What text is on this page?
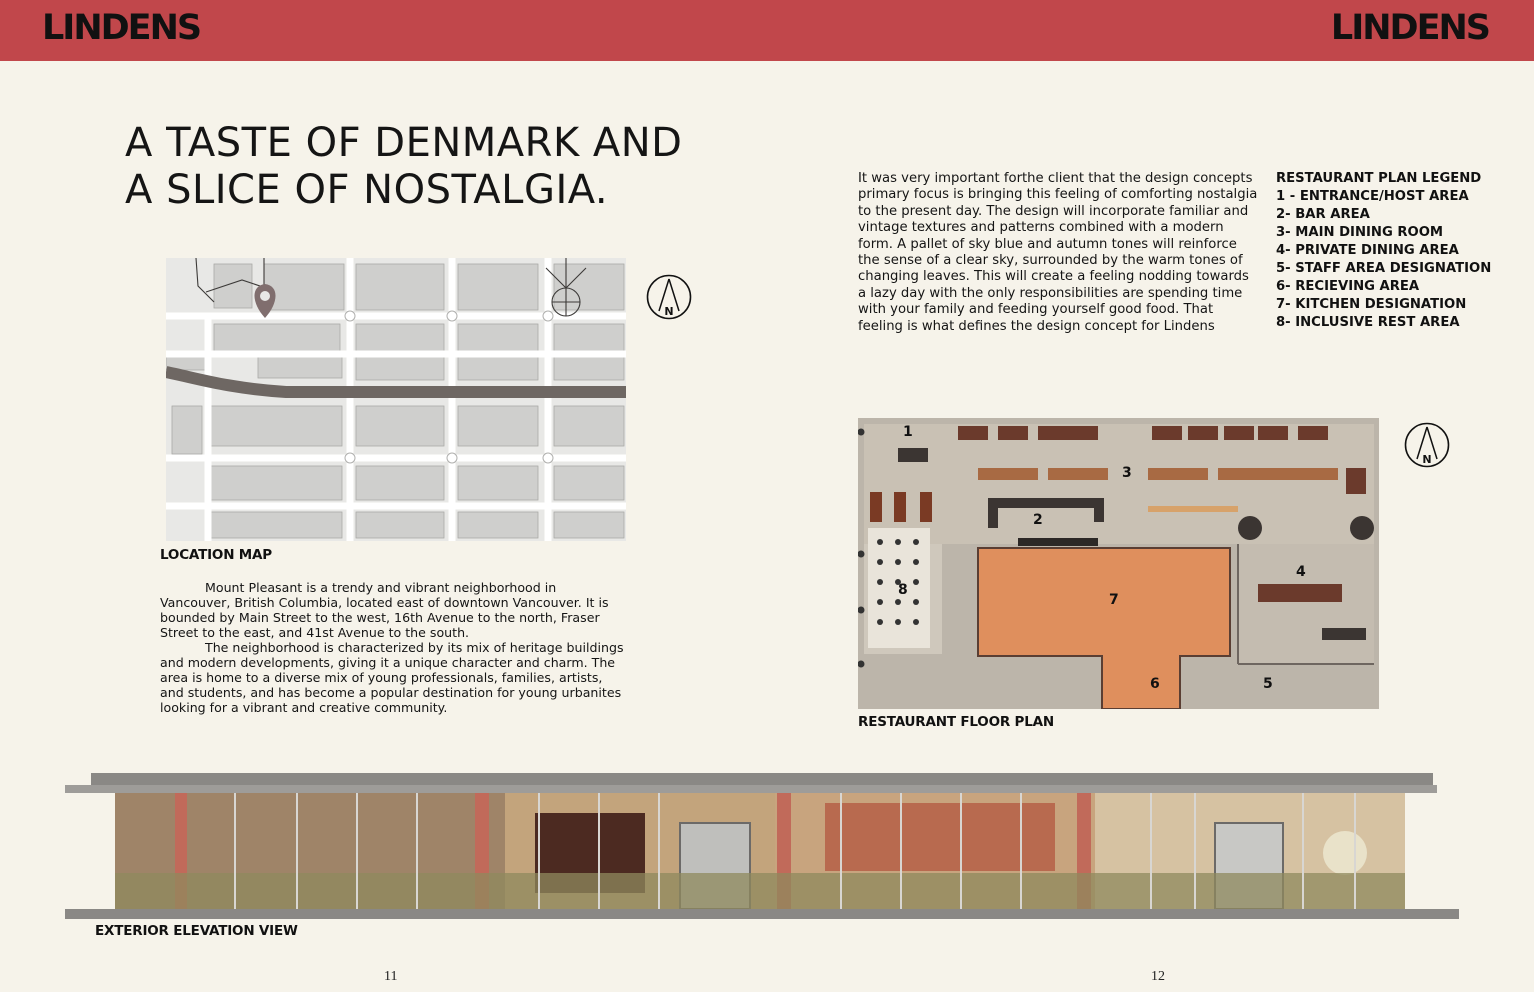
LINDENS	LINDENS
A TASTE OF DENMARK AND
A SLICE OF NOSTALGIA.
N
LOCATION MAP

Mount Pleasant is a trendy and vibrant neighborhood in Vancouver, British Columbia, located east of downtown Vancouver. It is bounded by Main Street to the west, 16th Avenue to the north, Fraser Street to the east, and 41st Avenue to the south.

The neighborhood is characterized by its mix of heritage buildings and modern developments, giving it a unique character and charm. The area is home to a diverse mix of young professionals, families, artists, and students, and has become a popular destination for young urbanites looking for a vibrant and creative community.

It was very important forthe client that the design concepts primary focus is bringing this feeling of comforting nostalgia to the present day. The design will incorporate familiar and vintage textures and patterns combined with a modern form. A pallet of sky blue and autumn tones will reinforce the sense of a clear sky, surrounded by the warm tones of changing leaves. This will create a feeling nodding towards a lazy day with the only responsibilities are spending time with your family and feeding yourself good food. That feeling is what defines the design concept for Lindens
RESTAURANT PLAN LEGEND
1 - ENTRANCE/HOST AREA
2- BAR AREA
3- MAIN DINING ROOM
4- PRIVATE DINING AREA
5- STAFF AREA DESIGNATION
6- RECIEVING AREA
7- KITCHEN DESIGNATION
8- INCLUSIVE REST AREA
1
2
3
4
5
6
7
8
N
RESTAURANT FLOOR PLAN
EXTERIOR ELEVATION VIEW
11	12
